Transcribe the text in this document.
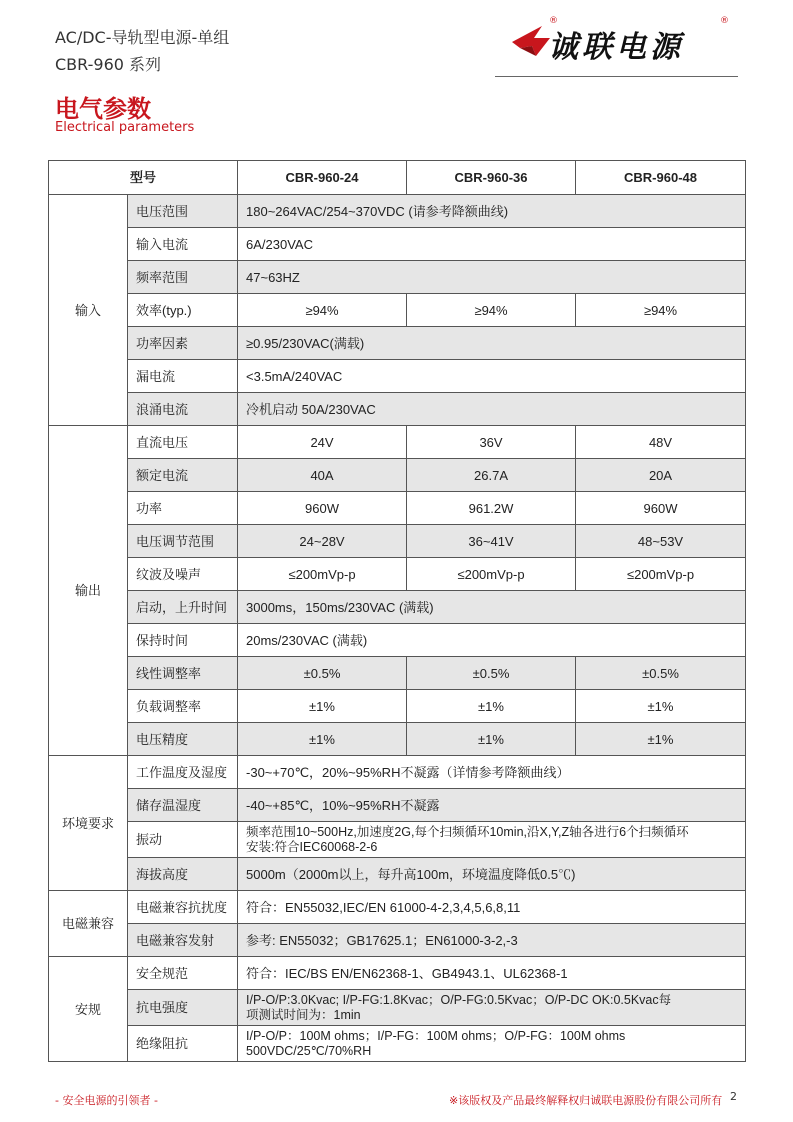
AC/DC-导轨型电源-单组
CBR-960 系列
®
诚联电源
®
电气参数
Electrical parameters
型号		CBR-960-24	CBR-960-36	CBR-960-48
输入	电压范围	180~264VAC/254~370VDC (请参考降额曲线)		
	输入电流	6A/230VAC		
	频率范围	47~63HZ		
	效率(typ.)	≥94%	≥94%	≥94%
	功率因素	≥0.95/230VAC(满载)		
	漏电流	<3.5mA/240VAC		
	浪涌电流	冷机启动 50A/230VAC		
输出	直流电压	24V	36V	48V
	额定电流	40A	26.7A	20A
	功率	960W	961.2W	960W
	电压调节范围	24~28V	36~41V	48~53V
	纹波及噪声	≤200mVp-p	≤200mVp-p	≤200mVp-p
	启动，上升时间	3000ms，150ms/230VAC (满载)		
	保持时间	20ms/230VAC (满载)		
	线性调整率	±0.5%	±0.5%	±0.5%
	负载调整率	±1%	±1%	±1%
	电压精度	±1%	±1%	±1%
环境要求	工作温度及湿度	-30~+70℃，20%~95%RH不凝露（详情参考降额曲线）		
	储存温湿度	-40~+85℃，10%~95%RH不凝露		
	振动	频率范围10~500Hz,加速度2G,每个扫频循环10min,沿X,Y,Z轴各进行6个扫频循环
安装:符合IEC60068-2-6		

	海拔高度	5000m（2000m以上，每升高100m，环境温度降低0.5℃)		
电磁兼容	电磁兼容抗扰度	符合：EN55032,IEC/EN 61000-4-2,3,4,5,6,8,11		
	电磁兼容发射	参考: EN55032；GB17625.1；EN61000-3-2,-3		
安规	安全规范	符合：IEC/BS EN/EN62368-1、GB4943.1、UL62368-1		
	抗电强度	I/P-O/P:3.0Kvac; I/P-FG:1.8Kvac；O/P-FG:0.5Kvac；O/P-DC OK:0.5Kvac每
项测试时间为：1min		

	绝缘阻抗	I/P-O/P：100M ohms；I/P-FG：100M ohms；O/P-FG：100M ohms
500VDC/25℃/70%RH		
- 安全电源的引领者 -	※该版权及产品最终解释权归诚联电源股份有限公司所有 2
